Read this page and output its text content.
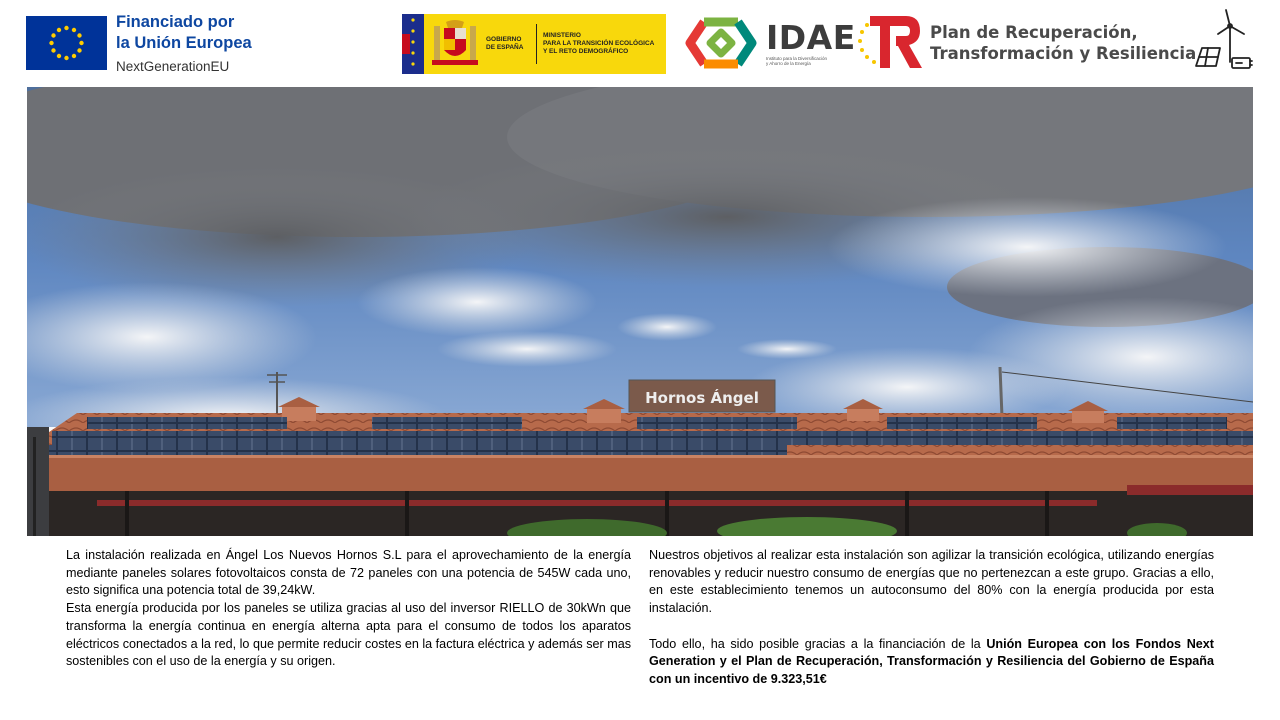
Financiado por
la Unión Europea
NextGenerationEU
GOBIERNO
DE ESPAÑA
MINISTERIO
PARA LA TRANSICIÓN ECOLÓGICA
Y EL RETO DEMOGRÁFICO	IDAE
Instituto para la Diversificación
y Ahorro de la Energía
Plan de Recuperación,
Transformación y Resiliencia
Hornos Ángel

La instalación realizada en Ángel Los Nuevos Hornos S.L para el aprovechamiento de la energía mediante paneles solares fotovoltaicos consta de 72 paneles con una potencia de 545W cada uno, esto significa una potencia total de 39,24kW.

Esta energía producida por los paneles se utiliza gracias al uso del inversor RIELLO de 30kWn que transforma la energía continua en energía alterna apta para el consumo de todos los aparatos eléctricos conectados a la red, lo que permite reducir costes en la factura eléctrica y además ser mas sostenibles con el uso de la energía y su origen.

Nuestros objetivos al realizar esta instalación son agilizar la transición ecológica, utilizando energías renovables y reducir nuestro consumo de energías que no pertenezcan a este grupo. Gracias a ello, en este establecimiento tenemos un autoconsumo del 80% con la energía producida por esta instalación.

Todo ello, ha sido posible gracias a la financiación de la Unión Europea con los Fondos Next Generation y el Plan de Recuperación, Transformación y Resiliencia del Gobierno de España con un incentivo de 9.323,51€
